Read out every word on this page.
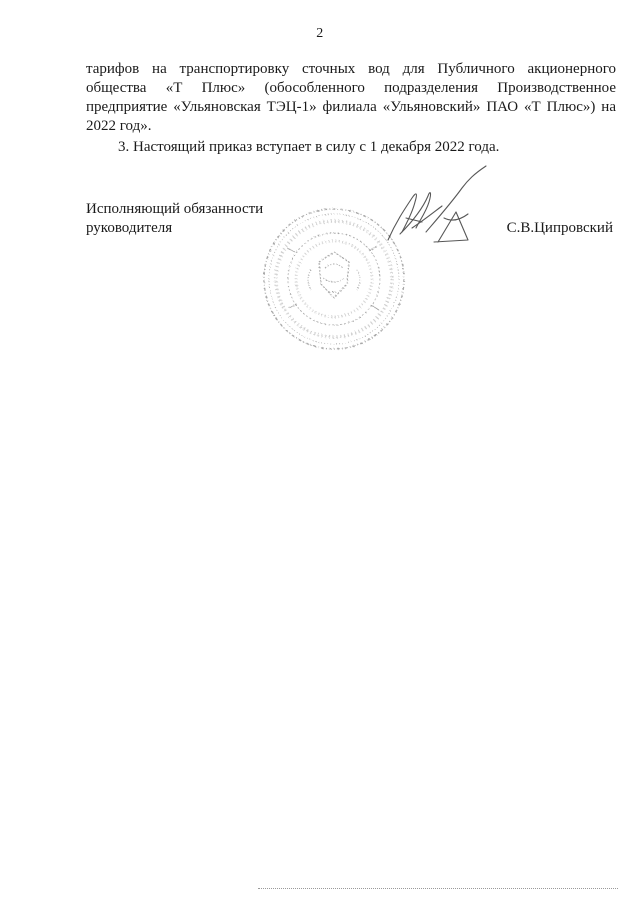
2

тарифов на транспортировку сточных вод для Публичного акционерного общества «Т Плюс» (обособленного подразделения Производственное предприятие «Ульяновская ТЭЦ-1» филиала «Ульяновский» ПАО «Т Плюс») на 2022 год».

3. Настоящий приказ вступает в силу с 1 декабря 2022 года.

Исполняющий обязанности
руководителя	С.В.Ципровский
